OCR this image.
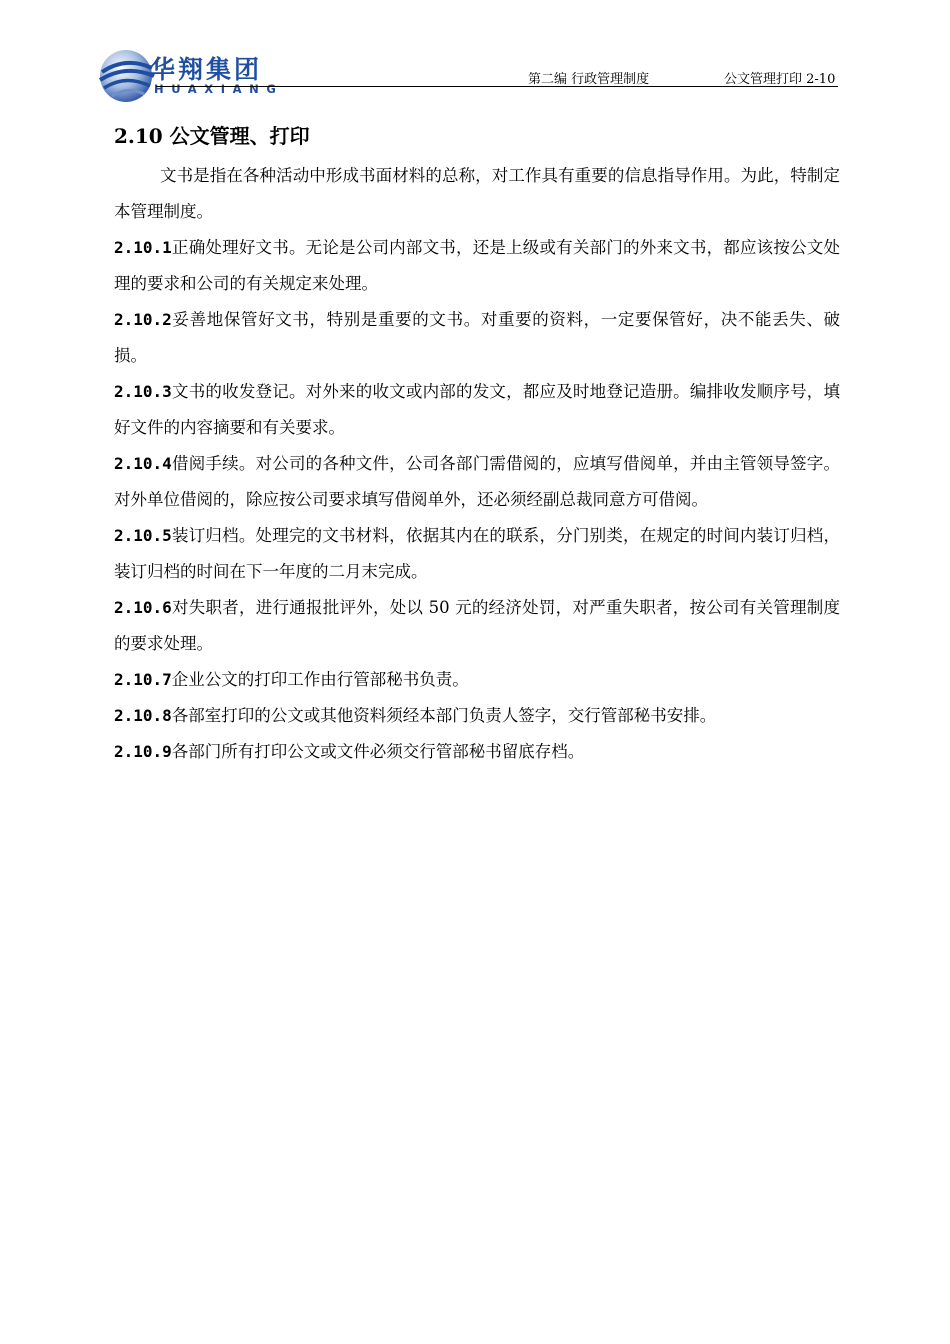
华翔集团
HUAXIANG
第二编 行政管理制度	公文管理打印 2-10
2.10 公文管理、打印

文书是指在各种活动中形成书面材料的总称，对工作具有重要的信息指导作用。为此，特制定本管理制度。

2.10.1正确处理好文书。无论是公司内部文书，还是上级或有关部门的外来文书，都应该按公文处理的要求和公司的有关规定来处理。

2.10.2妥善地保管好文书，特别是重要的文书。对重要的资料，一定要保管好，决不能丢失、破损。

2.10.3文书的收发登记。对外来的收文或内部的发文，都应及时地登记造册。编排收发顺序号，填好文件的内容摘要和有关要求。

2.10.4借阅手续。对公司的各种文件，公司各部门需借阅的，应填写借阅单，并由主管领导签字。对外单位借阅的，除应按公司要求填写借阅单外，还必须经副总裁同意方可借阅。

2.10.5装订归档。处理完的文书材料，依据其内在的联系，分门别类，在规定的时间内装订归档，装订归档的时间在下一年度的二月末完成。

2.10.6对失职者，进行通报批评外，处以 50 元的经济处罚，对严重失职者，按公司有关管理制度的要求处理。

2.10.7企业公文的打印工作由行管部秘书负责。

2.10.8各部室打印的公文或其他资料须经本部门负责人签字，交行管部秘书安排。

2.10.9各部门所有打印公文或文件必须交行管部秘书留底存档。
